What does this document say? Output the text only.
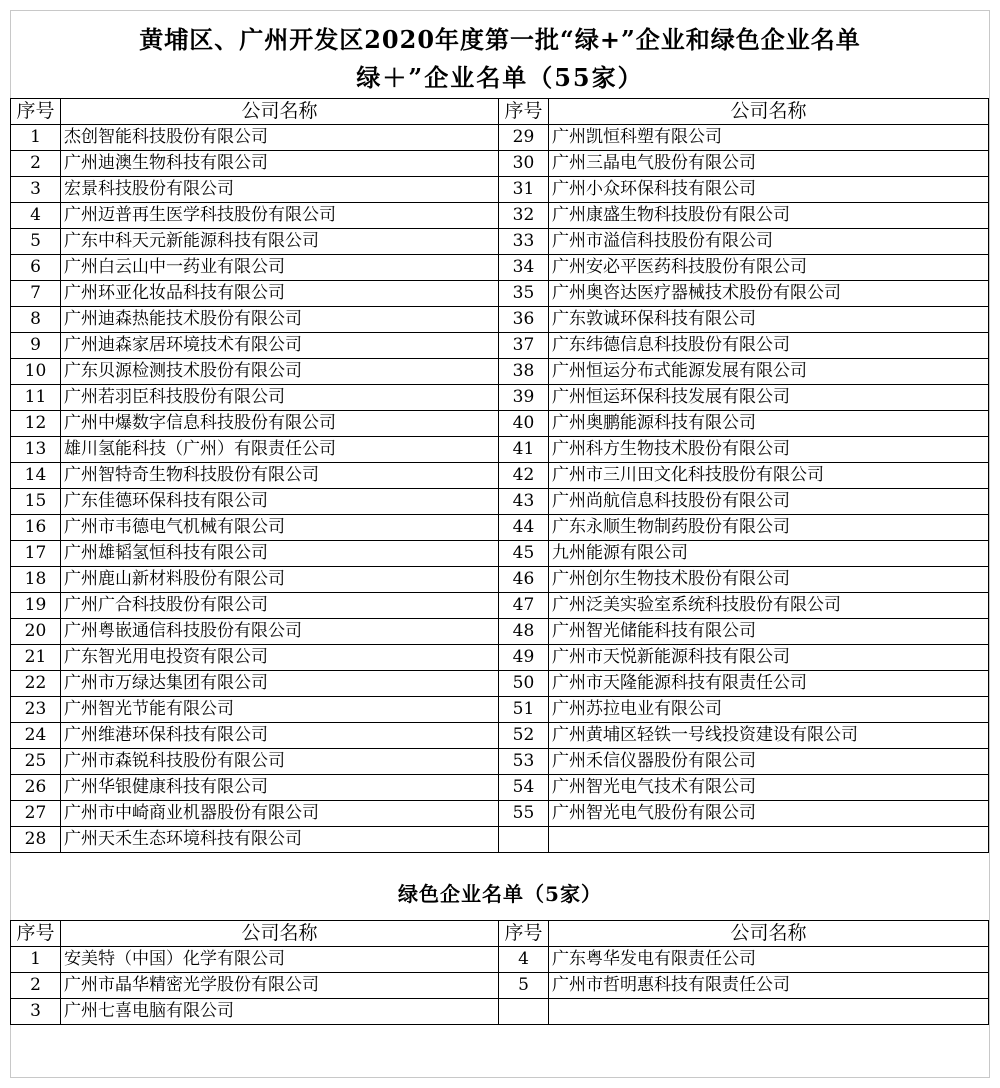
黄埔区、广州开发区2020年度第一批“绿+”企业和绿色企业名单
绿＋”企业名单（55家）
序号	公司名称	序号	公司名称
1	杰创智能科技股份有限公司	29	广州凯恒科塑有限公司
2	广州迪澳生物科技有限公司	30	广州三晶电气股份有限公司
3	宏景科技股份有限公司	31	广州小众环保科技有限公司
4	广州迈普再生医学科技股份有限公司	32	广州康盛生物科技股份有限公司
5	广东中科天元新能源科技有限公司	33	广州市溢信科技股份有限公司
6	广州白云山中一药业有限公司	34	广州安必平医药科技股份有限公司
7	广州环亚化妆品科技有限公司	35	广州奥咨达医疗器械技术股份有限公司
8	广州迪森热能技术股份有限公司	36	广东敦诚环保科技有限公司
9	广州迪森家居环境技术有限公司	37	广东纬德信息科技股份有限公司
10	广东贝源检测技术股份有限公司	38	广州恒运分布式能源发展有限公司
11	广州若羽臣科技股份有限公司	39	广州恒运环保科技发展有限公司
12	广州中爆数字信息科技股份有限公司	40	广州奥鹏能源科技有限公司
13	雄川氢能科技（广州）有限责任公司	41	广州科方生物技术股份有限公司
14	广州智特奇生物科技股份有限公司	42	广州市三川田文化科技股份有限公司
15	广东佳德环保科技有限公司	43	广州尚航信息科技股份有限公司
16	广州市韦德电气机械有限公司	44	广东永顺生物制药股份有限公司
17	广州雄韬氢恒科技有限公司	45	九州能源有限公司
18	广州鹿山新材料股份有限公司	46	广州创尔生物技术股份有限公司
19	广州广合科技股份有限公司	47	广州泛美实验室系统科技股份有限公司
20	广州粤嵌通信科技股份有限公司	48	广州智光储能科技有限公司
21	广东智光用电投资有限公司	49	广州市天悦新能源科技有限公司
22	广州市万绿达集团有限公司	50	广州市天隆能源科技有限责任公司
23	广州智光节能有限公司	51	广州苏拉电业有限公司
24	广州维港环保科技有限公司	52	广州黄埔区轻铁一号线投资建设有限公司
25	广州市森锐科技股份有限公司	53	广州禾信仪器股份有限公司
26	广州华银健康科技有限公司	54	广州智光电气技术有限公司
27	广州市中崎商业机器股份有限公司	55	广州智光电气股份有限公司
28	广州天禾生态环境科技有限公司		
绿色企业名单（5家）
序号	公司名称	序号	公司名称
1	安美特（中国）化学有限公司	4	广东粤华发电有限责任公司
2	广州市晶华精密光学股份有限公司	5	广州市哲明惠科技有限责任公司
3	广州七喜电脑有限公司		
